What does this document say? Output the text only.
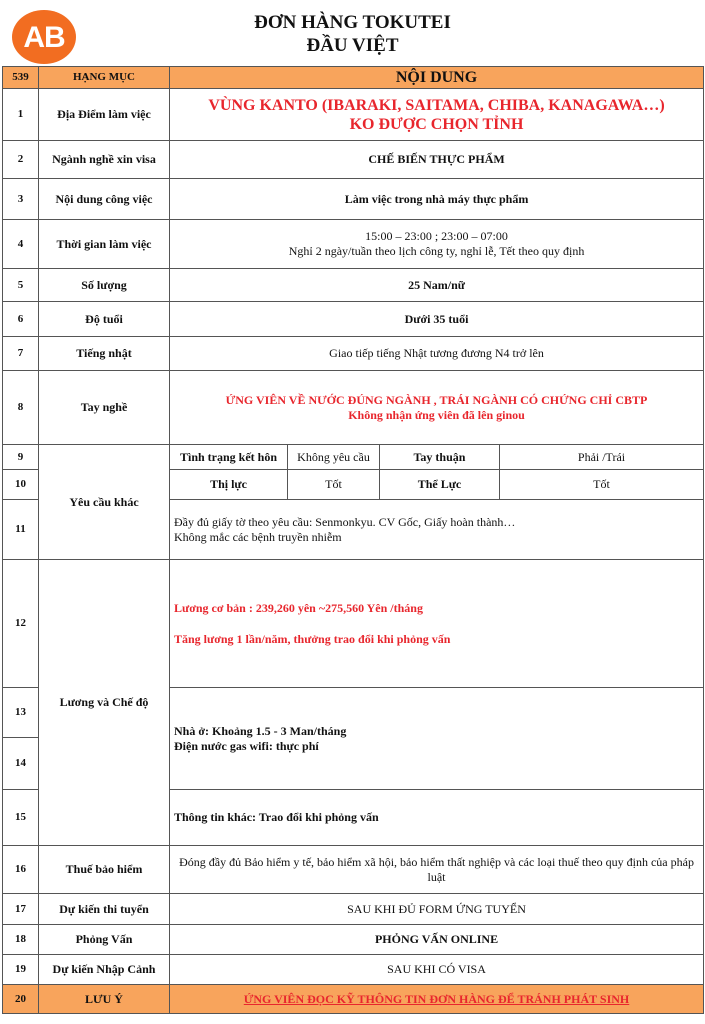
AB	ĐƠN HÀNG TOKUTEI
ĐẦU VIỆT
539	HẠNG MỤC	NỘI DUNG			
1	Địa Điểm làm việc	VÙNG KANTO (IBARAKI, SAITAMA, CHIBA, KANAGAWA…)
KO ĐƯỢC CHỌN TỈNH			

2	Ngành nghề xin visa	CHẾ BIẾN THỰC PHẨM			
3	Nội dung công việc	Làm việc trong nhà máy thực phẩm			
4	Thời gian làm việc	15:00 – 23:00 ; 23:00 – 07:00
Nghỉ 2 ngày/tuần theo lịch công ty, nghỉ lễ, Tết theo quy định			

5	Số lượng	25 Nam/nữ			
6	Độ tuổi	Dưới 35 tuổi			
7	Tiếng nhật	Giao tiếp tiếng Nhật tương đương N4 trở lên			
8	Tay nghề	ỨNG VIÊN VỀ NƯỚC ĐÚNG NGÀNH , TRÁI NGÀNH CÓ CHỨNG CHỈ CBTP
Không nhận ứng viên đã lên ginou			

9	Yêu cầu khác	Tình trạng kết hôn	Không yêu cầu	Tay thuận	Phải /Trái
10		Thị lực	Tốt	Thể Lực	Tốt
11		Đầy đủ giấy tờ theo yêu cầu: Senmonkyu. CV Gốc, Giấy hoàn thành…
Không mắc các bệnh truyền nhiễm			

12	Lương và Chế độ	Lương cơ bản : 239,260 yên ~275,560 Yên /tháng
Tăng lương 1 lần/năm, thưởng trao đổi khi phỏng vấn			

13		Nhà ở: Khoảng 1.5 - 3 Man/tháng
Điện nước gas wifi: thực phí			

14					
15		Thông tin khác: Trao đổi khi phỏng vấn			
16	Thuế bảo hiểm	Đóng đầy đủ Bảo hiểm y tế, bảo hiểm xã hội, bảo hiểm thất nghiệp và các loại thuế theo quy định của pháp luật			
17	Dự kiến thi tuyển	SAU KHI ĐỦ FORM ỨNG TUYỂN			
18	Phỏng Vấn	PHỎNG VẤN ONLINE			
19	Dự kiến Nhập Cảnh	SAU KHI CÓ VISA			
20	LƯU Ý	ỨNG VIÊN ĐỌC KỸ THÔNG TIN ĐƠN HÀNG ĐỂ TRÁNH PHÁT SINH			
